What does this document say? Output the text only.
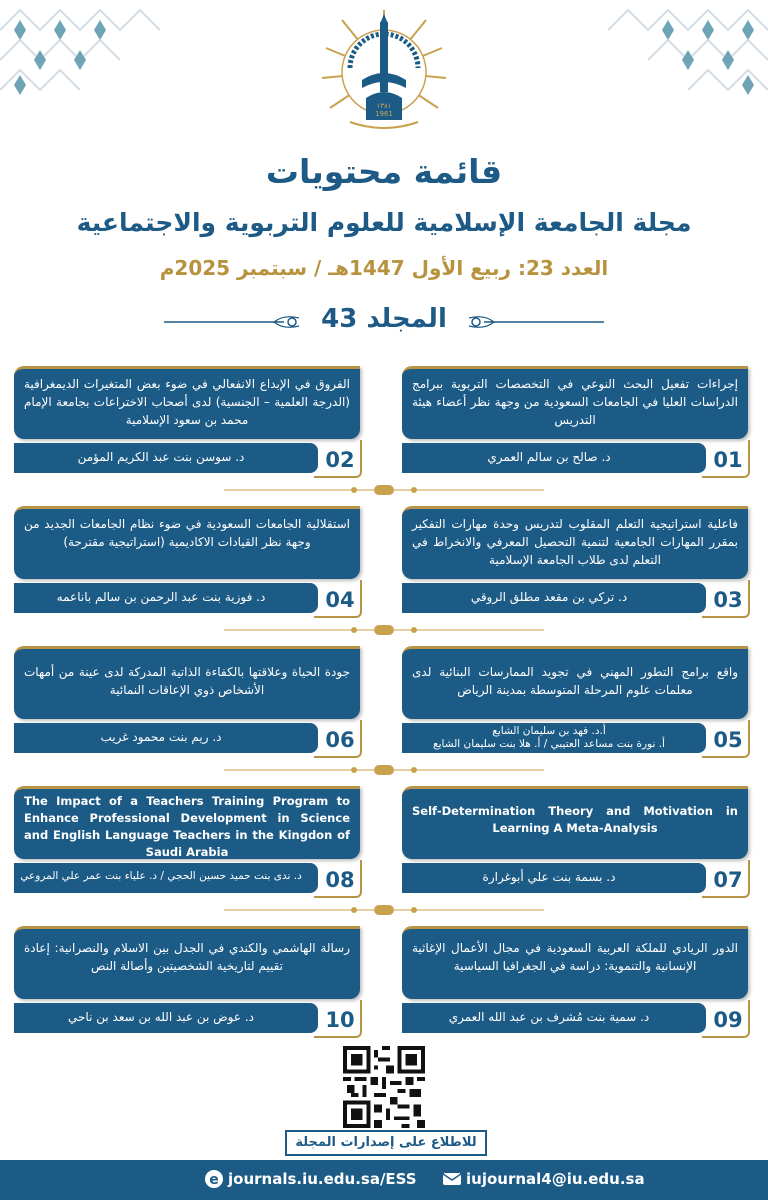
١٣٨١
1961
قائمة محتويات
مجلة الجامعة الإسلامية للعلوم التربوية والاجتماعية
العدد 23: ربيع الأول 1447هـ / سبتمبر 2025م
المجلد 43
إجراءات تفعيل البحث النوعي في التخصصات التربوية ببرامج الدراسات العليا في الجامعات السعودية من وجهة نظر أعضاء هيئة التدريس
د. صالح بن سالم العمري	01
الفروق في الإبداع الانفعالي في ضوء بعض المتغيرات الديمغرافية (الدرجة العلمية – الجنسية) لدى أصحاب الاختراعات بجامعة الإمام محمد بن سعود الإسلامية
د. سوسن بنت عبد الكريم المؤمن	02
فاعلية استراتيجية التعلم المقلوب لتدريس وحدة مهارات التفكير بمقرر المهارات الجامعية لتنمية التحصيل المعرفي والانخراط في التعلم لدى طلاب الجامعة الإسلامية
د. تركي بن مقعد مطلق الروقي	03
استقلالية الجامعات السعودية في ضوء نظام الجامعات الجديد من وجهة نظر القيادات الاكاديمية (استراتيجية مقترحة)
د. فوزية بنت عبد الرحمن بن سالم باناعمه	04
واقع برامج التطور المهني في تجويد الممارسات البنائية لدى معلمات علوم المرحلة المتوسطة بمدينة الرياض
أ.د. فهد بن سليمان الشايع
أ. نورة بنت مساعد العتيبي / أ. هلا بنت سليمان الشايع	05
جودة الحياة وعلاقتها بالكفاءة الذاتية المدركة لدى عينة من أمهات الأشخاص ذوي الإعاقات النمائية
د. ريم بنت محمود غريب	06
Self-Determination Theory and Motivation in Learning A Meta-Analysis
د. بسمة بنت علي أبوغرارة	07
The Impact of a Teachers Training Program to Enhance Professional Development in Science and English Language Teachers in the Kingdon of Saudi Arabia
د. ندى بنت حميد حسين الحجي / د. علياء بنت عمر علي المروعي 08
الدور الريادي للملكة العربية السعودية في مجال الأعمال الإغاثية الإنسانية والتنموية: دراسة في الجغرافيا السياسية
د. سمية بنت مُشرف بن عبد الله العمري	09
رسالة الهاشمي والكندي في الجدل بين الاسلام والنصرانية: إعادة تقييم لتاريخية الشخصيتين وأصالة النص
د. عوض بن عبد الله بن سعد بن ناحي	10
للاطلاع على إصدارات المجلة
e journals.iu.edu.sa/ESS	iujournal4@iu.edu.sa
